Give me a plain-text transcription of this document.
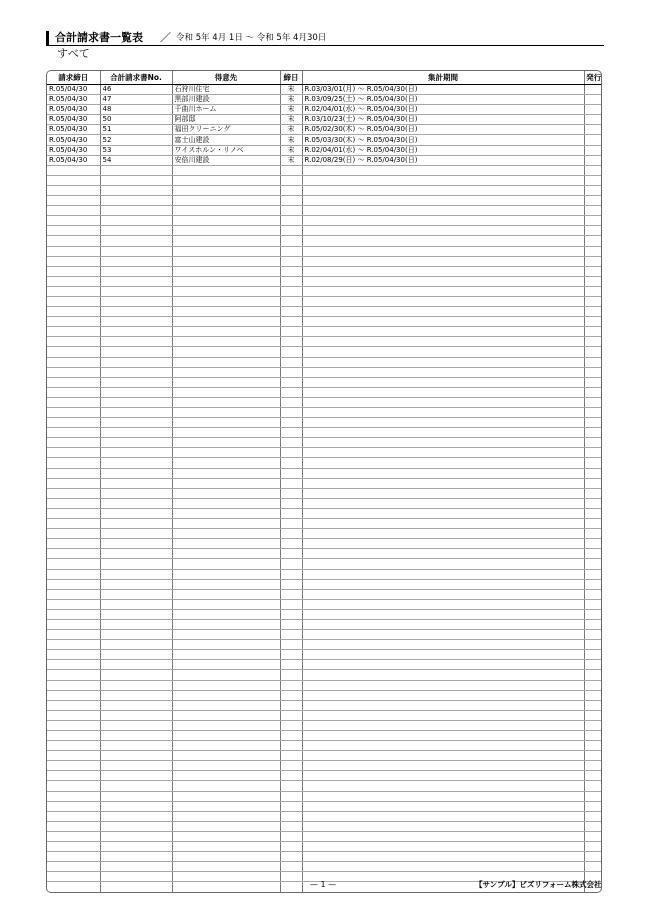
合計請求書一覧表 ／ 令和 5年 4月 1日 〜 令和 5年 4月30日
すべて
請求締日	合計請求書No.	得意先	締日	集計期間	発行
R.05/04/30	46	石狩川住宅	末	R.03/03/01(月) 〜 R.05/04/30(日)	
R.05/04/30	47	黒部川建設	末	R.03/09/25(土) 〜 R.05/04/30(日)	
R.05/04/30	48	千曲川ホーム	末	R.02/04/01(水) 〜 R.05/04/30(日)	
R.05/04/30	50	阿部邸	末	R.03/10/23(土) 〜 R.05/04/30(日)	
R.05/04/30	51	福田クリーニング	末	R.05/02/30(木) 〜 R.05/04/30(日)	
R.05/04/30	52	富士山建設	末	R.05/03/30(木) 〜 R.05/04/30(日)	
R.05/04/30	53	ワイスホルン・リノベ	末	R.02/04/01(水) 〜 R.05/04/30(日)	
R.05/04/30	54	安倍川建設	末	R.02/08/29(日) 〜 R.05/04/30(日)	

— 1 —	【サンプル】ビズリフォーム株式会社
